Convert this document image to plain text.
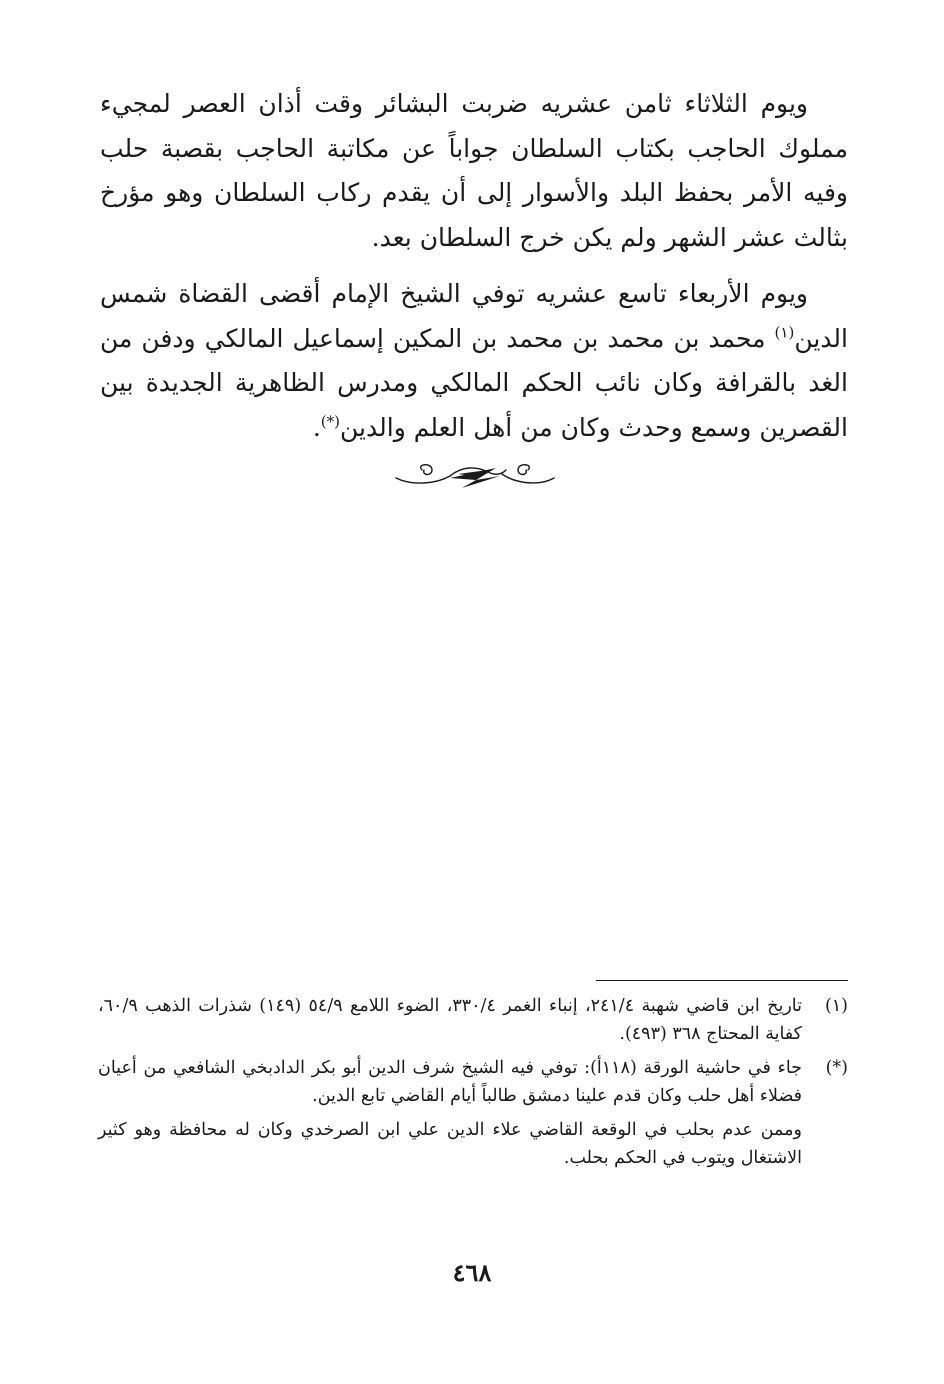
ويوم الثلاثاء ثامن عشريه ضربت البشائر وقت أذان العصر لمجيء مملوك الحاجب بكتاب السلطان جواباً عن مكاتبة الحاجب بقصبة حلب وفيه الأمر بحفظ البلد والأسوار إلى أن يقدم ركاب السلطان وهو مؤرخ بثالث عشر الشهر ولم يكن خرج السلطان بعد.

ويوم الأربعاء تاسع عشريه توفي الشيخ الإمام أقضى القضاة شمس الدين$^{(١)}$ محمد بن محمد بن محمد بن المكين إسماعيل المالكي ودفن من الغد بالقرافة وكان نائب الحكم المالكي ومدرس الظاهرية الجديدة بين القصرين وسمع وحدث وكان من أهل العلم والدين(*).

(١)
تاريخ ابن قاضي شهبة ٢٤١/٤، إنباء الغمر ٣٣٠/٤، الضوء اللامع ٥٤/٩ (١٤٩) شذرات الذهب ٦٠/٩، كفاية المحتاج ٣٦٨ (٤٩٣).
(*)
جاء في حاشية الورقة (١١٨أ): توفي فيه الشيخ شرف الدين أبو بكر الدادبخي الشافعي من أعيان فضلاء أهل حلب وكان قدم علينا دمشق طالباً أيام القاضي تابع الدين.
وممن عدم بحلب في الوقعة القاضي علاء الدين علي ابن الصرخدي وكان له محافظة وهو كثير الاشتغال ويتوب في الحكم بحلب.
٤٦٨
